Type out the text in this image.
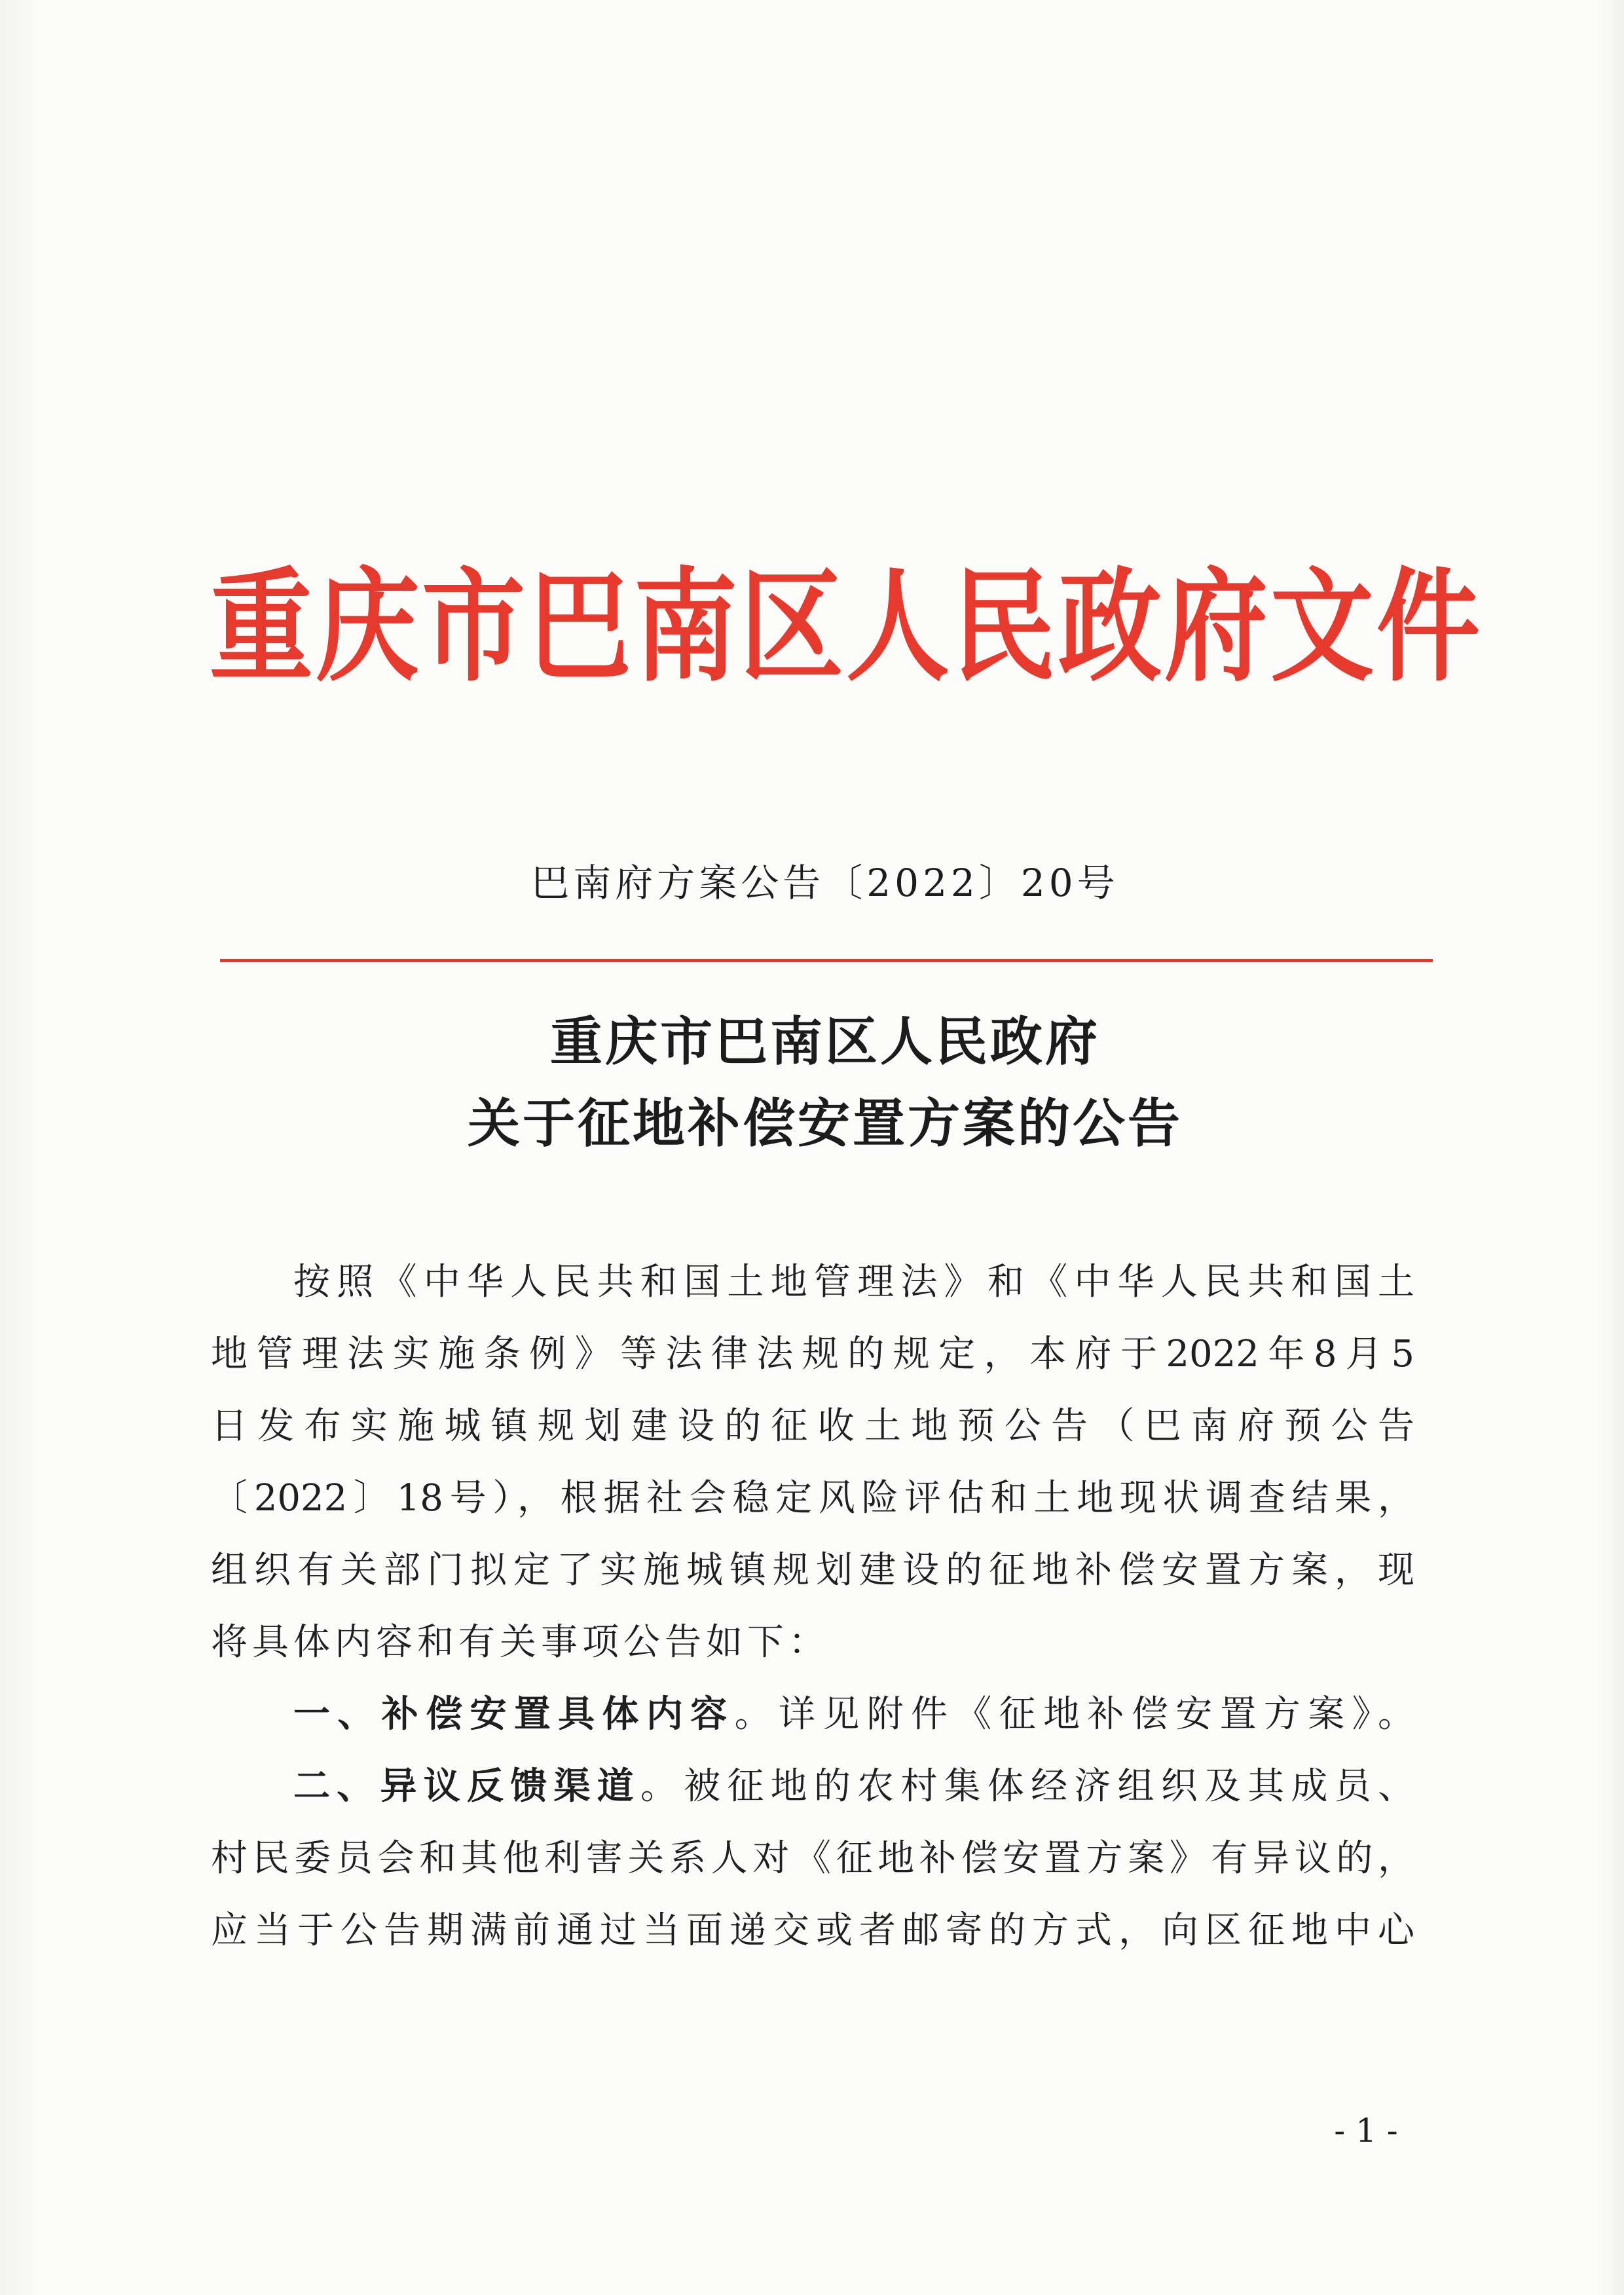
重庆市巴南区人民政府文件
巴南府方案公告〔2022〕20号
重庆市巴南区人民政府
关于征地补偿安置方案的公告
按照《中华人民共和国土地管理法》和《中华人民共和国土
地管理法实施条例》等法律法规的规定，本府于2022年8月5
日发布实施城镇规划建设的征收土地预公告（巴南府预公告
〔2022〕18号），根据社会稳定风险评估和土地现状调查结果，
组织有关部门拟定了实施城镇规划建设的征地补偿安置方案，现
将具体内容和有关事项公告如下：
一、补偿安置具体内容。详见附件《征地补偿安置方案》。
二、异议反馈渠道。被征地的农村集体经济组织及其成员、
村民委员会和其他利害关系人对《征地补偿安置方案》有异议的，
应当于公告期满前通过当面递交或者邮寄的方式，向区征地中心
- 1 -
